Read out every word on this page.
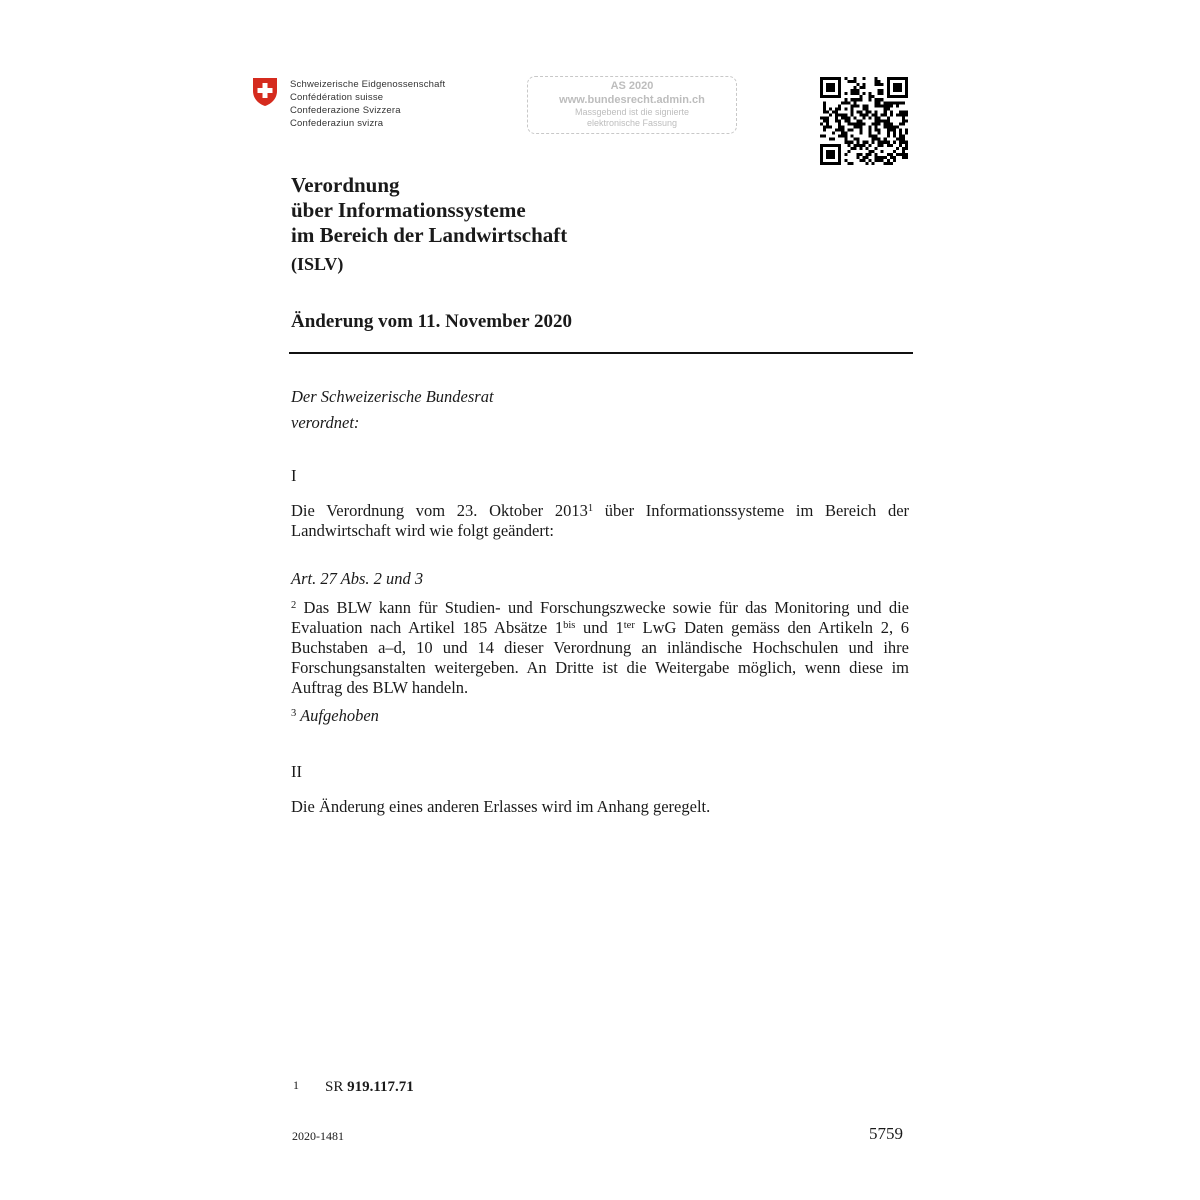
Schweizerische Eidgenossenschaft
Confédération suisse
Confederazione Svizzera
Confederaziun svizra
AS 2020
www.bundesrecht.admin.ch
Massgebend ist die signierte
elektronische Fassung
Verordnung
über Informationssysteme
im Bereich der Landwirtschaft
(ISLV)
Änderung vom 11. November 2020
Der Schweizerische Bundesrat
verordnet:
I
Die Verordnung vom 23. Oktober 2013$^1$ über Informationssysteme im Bereich der Landwirtschaft wird wie folgt geändert:
Art. 27 Abs. 2 und 3
$^2$ Das BLW kann für Studien- und Forschungszwecke sowie für das Monitoring und die Evaluation nach Artikel 185 Absätze $1^{bis}$ und $1^{ter}$ LwG Daten gemäss den Artikeln 2, 6 Buchstaben a–d, 10 und 14 dieser Verordnung an inländische Hochschulen und ihre Forschungsanstalten weitergeben. An Dritte ist die Weitergabe möglich, wenn diese im Auftrag des BLW handeln.
$^3$ Aufgehoben
II
Die Änderung eines anderen Erlasses wird im Anhang geregelt.
1 SR 919.117.71
2020-1481	5759
